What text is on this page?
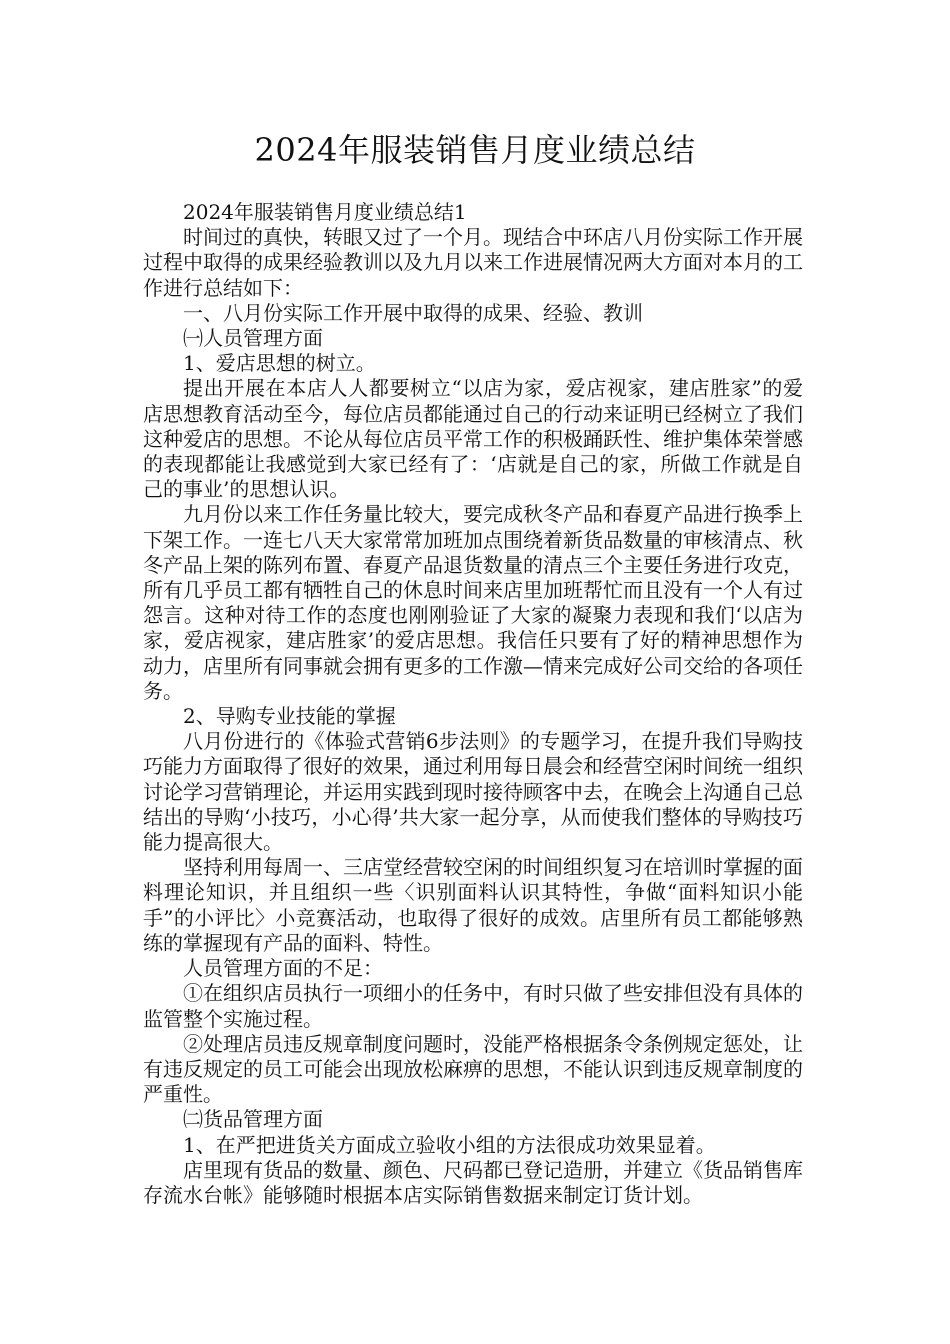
2024年服装销售月度业绩总结

2024年服装销售月度业绩总结1

时间过的真快，转眼又过了一个月。现结合中环店八月份实际工作开展过程中取得的成果经验教训以及九月以来工作进展情况两大方面对本月的工作进行总结如下：

一、八月份实际工作开展中取得的成果、经验、教训

㈠人员管理方面

1、爱店思想的树立。

提出开展在本店人人都要树立“以店为家，爱店视家，建店胜家”的爱店思想教育活动至今，每位店员都能通过自己的行动来证明已经树立了我们这种爱店的思想。不论从每位店员平常工作的积极踊跃性、维护集体荣誉感的表现都能让我感觉到大家已经有了：‘店就是自己的家，所做工作就是自己的事业’的思想认识。

九月份以来工作任务量比较大，要完成秋冬产品和春夏产品进行换季上下架工作。一连七八天大家常常加班加点围绕着新货品数量的审核清点、秋冬产品上架的陈列布置、春夏产品退货数量的清点三个主要任务进行攻克，所有几乎员工都有牺牲自己的休息时间来店里加班帮忙而且没有一个人有过怨言。这种对待工作的态度也刚刚验证了大家的凝聚力表现和我们‘以店为家，爱店视家，建店胜家’的爱店思想。我信任只要有了好的精神思想作为动力，店里所有同事就会拥有更多的工作激—情来完成好公司交给的各项任务。

2、导购专业技能的掌握

八月份进行的《体验式营销6步法则》的专题学习，在提升我们导购技巧能力方面取得了很好的效果，通过利用每日晨会和经营空闲时间统一组织讨论学习营销理论，并运用实践到现时接待顾客中去，在晚会上沟通自己总结出的导购‘小技巧，小心得’共大家一起分享，从而使我们整体的导购技巧能力提高很大。

坚持利用每周一、三店堂经营较空闲的时间组织复习在培训时掌握的面料理论知识，并且组织一些〈识别面料认识其特性，争做“面料知识小能手”的小评比〉小竞赛活动，也取得了很好的成效。店里所有员工都能够熟练的掌握现有产品的面料、特性。

人员管理方面的不足：

①在组织店员执行一项细小的任务中，有时只做了些安排但没有具体的监管整个实施过程。

②处理店员违反规章制度问题时，没能严格根据条令条例规定惩处，让有违反规定的员工可能会出现放松麻痹的思想，不能认识到违反规章制度的严重性。

㈡货品管理方面

1、在严把进货关方面成立验收小组的方法很成功效果显着。

店里现有货品的数量、颜色、尺码都已登记造册，并建立《货品销售库存流水台帐》能够随时根据本店实际销售数据来制定订货计划。
